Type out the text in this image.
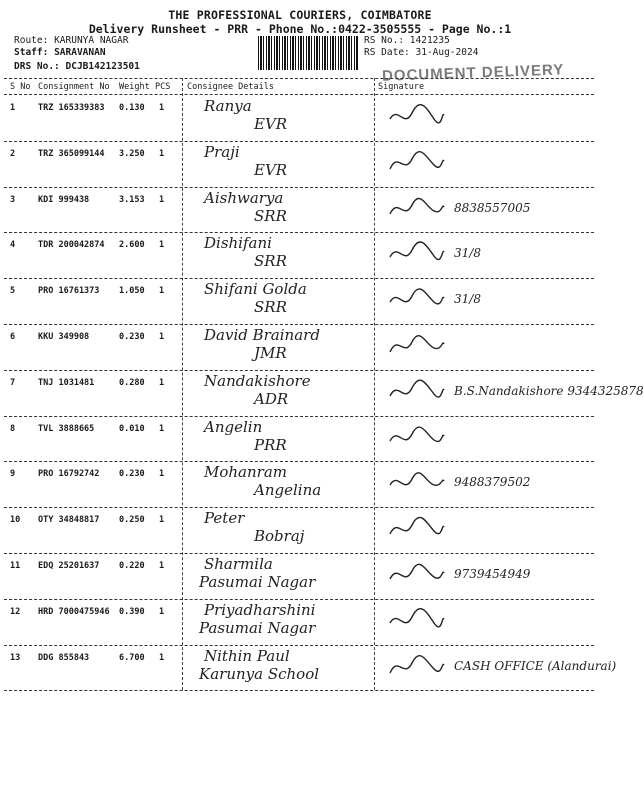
THE PROFESSIONAL COURIERS, COIMBATORE
Delivery Runsheet - PRR - Phone No.:0422-3505555 - Page No.:1
Route: KARUNYA NAGAR
Staff: SARAVANAN
DRS No.: DCJB142123501
RS No.: 1421235
RS Date: 31-Aug-2024
DOCUMENT DELIVERY
S No Consignment No Weight PCS Consignee Details	Signature
1	TRZ 165339383 0.130 1	Ranya
EVR
2	TRZ 365099144 3.250 1	Praji
EVR
3	KDI 999438	3.153 1	Aishwarya
SRR	8838557005
4	TDR 200042874 2.600 1	Dishifani
SRR	31/8
5	PRO 16761373 1.050 1	Shifani Golda
SRR	31/8
6	KKU 349908	0.230 1	David Brainard
JMR
7	TNJ 1031481	0.280 1	Nandakishore
ADR	B.S.Nandakishore 9344325878
8	TVL 3888665	0.010 1	Angelin
PRR
9	PRO 16792742 0.230 1	Mohanram
Angelina	9488379502
10 OTY 34848817 0.250 1	Peter
Bobraj
11 EDQ 25201637 0.220 1	Sharmila
Pasumai Nagar	9739454949
12 HRD 7000475946 0.390 1	Priyadharshini
Pasumai Nagar
13 DDG 855843	6.700 1	Nithin Paul
Karunya School	CASH OFFICE (Alandurai)
